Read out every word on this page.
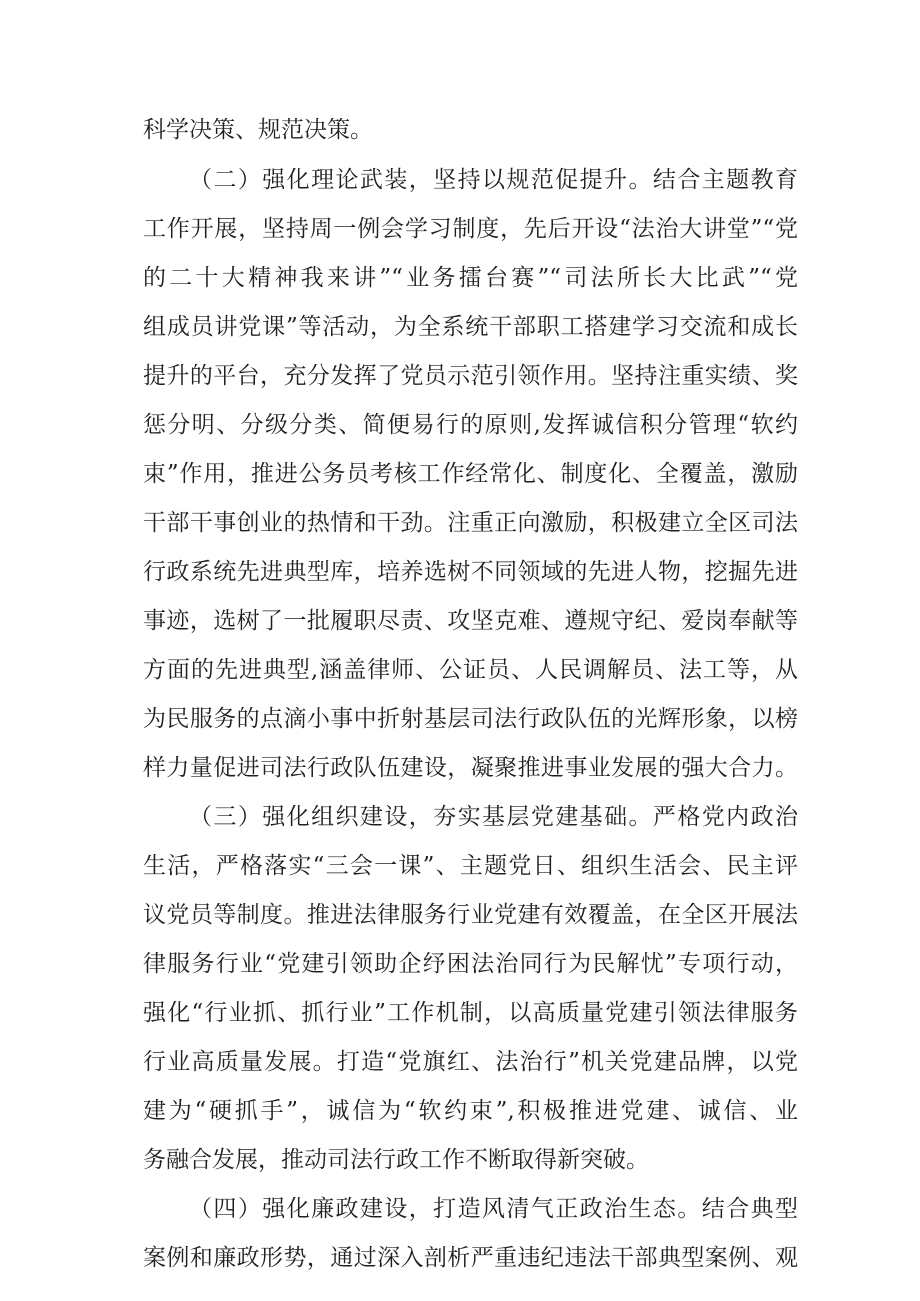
科学决策、规范决策。

（二）强化理论武装，坚持以规范促提升。结合主题教育

工作开展，坚持周一例会学习制度，先后开设“法治大讲堂”“党

的二十大精神我来讲”“业务擂台赛”“司法所长大比武”“党

组成员讲党课”等活动，为全系统干部职工搭建学习交流和成长

提升的平台，充分发挥了党员示范引领作用。坚持注重实绩、奖

惩分明、分级分类、简便易行的原则,发挥诚信积分管理“软约

束”作用，推进公务员考核工作经常化、制度化、全覆盖，激励

干部干事创业的热情和干劲。注重正向激励，积极建立全区司法

行政系统先进典型库，培养选树不同领域的先进人物，挖掘先进

事迹，选树了一批履职尽责、攻坚克难、遵规守纪、爱岗奉献等

方面的先进典型,涵盖律师、公证员、人民调解员、法工等，从

为民服务的点滴小事中折射基层司法行政队伍的光辉形象，以榜

样力量促进司法行政队伍建设，凝聚推进事业发展的强大合力。

（三）强化组织建设，夯实基层党建基础。严格党内政治

生活，严格落实“三会一课”、主题党日、组织生活会、民主评

议党员等制度。推进法律服务行业党建有效覆盖，在全区开展法

律服务行业“党建引领助企纾困法治同行为民解忧”专项行动，

强化“行业抓、抓行业”工作机制，以高质量党建引领法律服务

行业高质量发展。打造“党旗红、法治行”机关党建品牌，以党

建为“硬抓手”，诚信为“软约束”,积极推进党建、诚信、业

务融合发展，推动司法行政工作不断取得新突破。

（四）强化廉政建设，打造风清气正政治生态。结合典型

案例和廉政形势，通过深入剖析严重违纪违法干部典型案例、观
